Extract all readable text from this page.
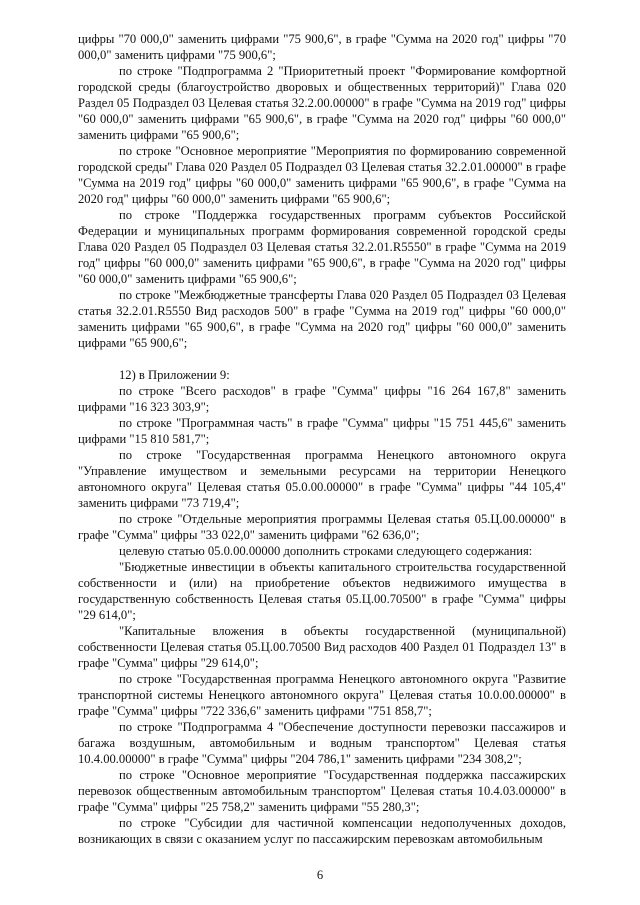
цифры "70 000,0" заменить цифрами "75 900,6", в графе "Сумма на 2020 год" цифры "70 000,0" заменить цифрами "75 900,6";

по строке "Подпрограмма 2 "Приоритетный проект "Формирование комфортной городской среды (благоустройство дворовых и общественных территорий)" Глава 020 Раздел 05 Подраздел 03 Целевая статья 32.2.00.00000" в графе "Сумма на 2019 год" цифры "60 000,0" заменить цифрами "65 900,6", в графе "Сумма на 2020 год" цифры "60 000,0" заменить цифрами "65 900,6";

по строке "Основное мероприятие "Мероприятия по формированию современной городской среды" Глава 020 Раздел 05 Подраздел 03 Целевая статья 32.2.01.00000" в графе "Сумма на 2019 год" цифры "60 000,0" заменить цифрами "65 900,6", в графе "Сумма на 2020 год" цифры "60 000,0" заменить цифрами "65 900,6";

по строке "Поддержка государственных программ субъектов Российской Федерации и муниципальных программ формирования современной городской среды Глава 020 Раздел 05 Подраздел 03 Целевая статья 32.2.01.R5550" в графе "Сумма на 2019 год" цифры "60 000,0" заменить цифрами "65 900,6", в графе "Сумма на 2020 год" цифры "60 000,0" заменить цифрами "65 900,6";

по строке "Межбюджетные трансферты Глава 020 Раздел 05 Подраздел 03 Целевая статья 32.2.01.R5550 Вид расходов 500" в графе "Сумма на 2019 год" цифры "60 000,0" заменить цифрами "65 900,6", в графе "Сумма на 2020 год" цифры "60 000,0" заменить цифрами "65 900,6";

12) в Приложении 9:

по строке "Всего расходов" в графе "Сумма" цифры "16 264 167,8" заменить цифрами "16 323 303,9";

по строке "Программная часть" в графе "Сумма" цифры "15 751 445,6" заменить цифрами "15 810 581,7";

по строке "Государственная программа Ненецкого автономного округа "Управление имуществом и земельными ресурсами на территории Ненецкого автономного округа" Целевая статья 05.0.00.00000" в графе "Сумма" цифры "44 105,4" заменить цифрами "73 719,4";

по строке "Отдельные мероприятия программы Целевая статья 05.Ц.00.00000" в графе "Сумма" цифры "33 022,0" заменить цифрами "62 636,0";

целевую статью 05.0.00.00000 дополнить строками следующего содержания:

"Бюджетные инвестиции в объекты капитального строительства государственной собственности и (или) на приобретение объектов недвижимого имущества в государственную собственность Целевая статья 05.Ц.00.70500" в графе "Сумма" цифры "29 614,0";

"Капитальные вложения в объекты государственной (муниципальной) собственности Целевая статья 05.Ц.00.70500 Вид расходов 400 Раздел 01 Подраздел 13" в графе "Сумма" цифры "29 614,0";

по строке "Государственная программа Ненецкого автономного округа "Развитие транспортной системы Ненецкого автономного округа" Целевая статья 10.0.00.00000" в графе "Сумма" цифры "722 336,6" заменить цифрами "751 858,7";

по строке "Подпрограмма 4 "Обеспечение доступности перевозки пассажиров и багажа воздушным, автомобильным и водным транспортом" Целевая статья 10.4.00.00000" в графе "Сумма" цифры "204 786,1" заменить цифрами "234 308,2";

по строке "Основное мероприятие "Государственная поддержка пассажирских перевозок общественным автомобильным транспортом" Целевая статья 10.4.03.00000" в графе "Сумма" цифры "25 758,2" заменить цифрами "55 280,3";

по строке "Субсидии для частичной компенсации недополученных доходов, возникающих в связи с оказанием услуг по пассажирским перевозкам автомобильным

6
